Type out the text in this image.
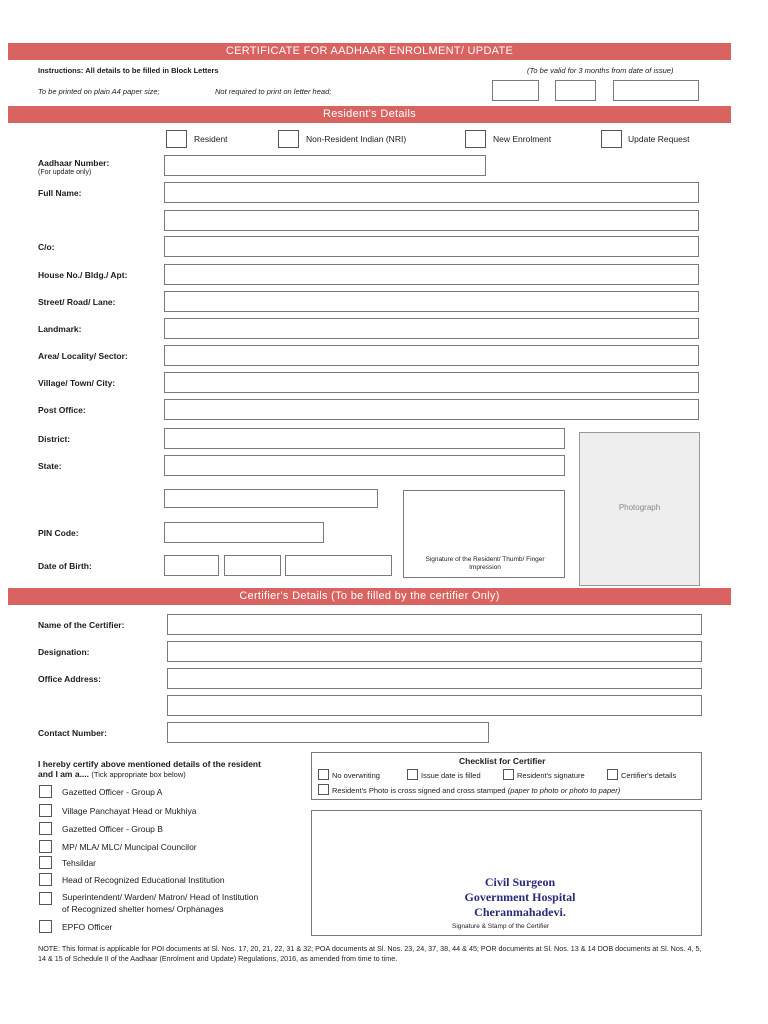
CERTIFICATE FOR AADHAAR ENROLMENT/ UPDATE
Instructions: All details to be filled in Block Letters	(To be valid for 3 months from date of issue)
To be printed on plain A4 paper size;	Not required to print on letter head;
Resident's Details
Resident	Non-Resident Indian (NRI)	New Enrolment	Update Request
Aadhaar Number:
(For update only)
Full Name:
C/o:
House No./ Bldg./ Apt:
Street/ Road/ Lane:
Landmark:
Area/ Locality/ Sector:
Village/ Town/ City:
Post Office:
District:
State:
PIN Code:
Date of Birth:
Signature of the Resident/ Thumb/ Finger Impression
Photograph
Certifier's Details (To be filled by the certifier Only)
Name of the Certifier:
Designation:
Office Address:
Contact Number:
I hereby certify above mentioned details of the resident
and I am a.... (Tick appropriate box below)
Gazetted Officer - Group A
Village Panchayat Head or Mukhiya
Gazetted Officer - Group B
MP/ MLA/ MLC/ Muncipal Councilor
Tehsildar
Head of Recognized Educational Institution
Superintendent/ Warden/ Matron/ Head of Institution
of Recognized shelter homes/ Orphanages
EPFO Officer
Checklist for Certifier
No overwriting	Issue date is filled	Resident's signature	Certifier's details
Resident's Photo is cross signed and cross stamped (paper to photo or photo to paper)
Civil Surgeon
Government Hospital
Cheranmahadevi.
Signature & Stamp of the Certifier
NOTE: This format is applicable for POI documents at Sl. Nos. 17, 20, 21, 22, 31 & 32; POA documents at Sl. Nos. 23, 24, 37, 38, 44 & 45; POR documents at Sl. Nos. 13 & 14 DOB documents at Sl. Nos. 4, 5, 14 & 15 of Schedule II of the Aadhaar (Enrolment and Update) Regulations, 2016, as amended from time to time.
